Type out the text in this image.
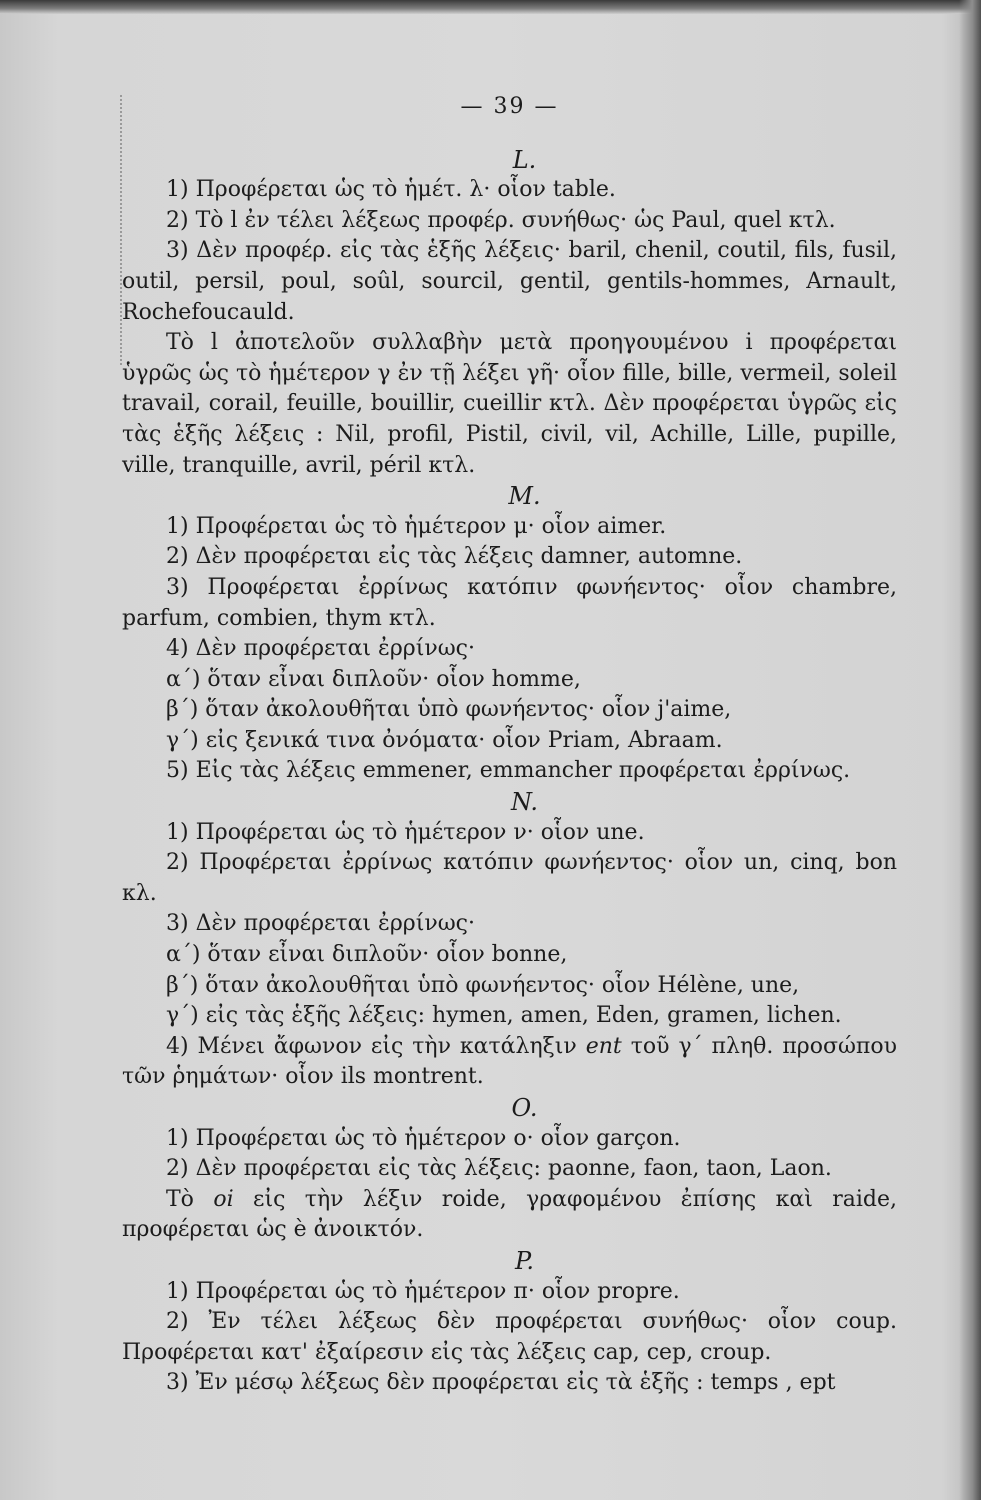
— 39 —

L.

1) Προφέρεται ὡς τὸ ἡμέτ. λ· οἷον table.

2) Τὸ l ἐν τέλει λέξεως προφέρ. συνήθως· ὡς Paul, quel κτλ.

3) Δὲν προφέρ. εἰς τὰς ἑξῆς λέξεις· baril, chenil, coutil, fils, fusil, outil, persil, poul, soûl, sourcil, gentil, gentils-hommes, Arnault, Rochefoucauld.

Τὸ l ἀποτελοῦν συλλαβὴν μετὰ προηγουμένου i προφέρεται ὑγρῶς ὡς τὸ ἡμέτερον γ ἐν τῇ λέξει γῆ· οἷον fille, bille, vermeil, soleil travail, corail, feuille, bouillir, cueillir κτλ. Δὲν προφέρεται ὑγρῶς εἰς τὰς ἑξῆς λέξεις : Nil, profil, Pistil, civil, vil, Achille, Lille, pupille, ville, tranquille, avril, péril κτλ.

M.

1) Προφέρεται ὡς τὸ ἡμέτερον μ· οἷον aimer.

2) Δὲν προφέρεται εἰς τὰς λέξεις damner, automne.

3) Προφέρεται ἐρρίνως κατόπιν φωνήεντος· οἷον chambre, parfum, combien, thym κτλ.

4) Δὲν προφέρεται ἐρρίνως·

α΄) ὅταν εἶναι διπλοῦν· οἷον homme,

β΄) ὅταν ἀκολουθῆται ὑπὸ φωνήεντος· οἷον j'aime,

γ΄) εἰς ξενικά τινα ὀνόματα· οἷον Priam, Abraam.

5) Εἰς τὰς λέξεις emmener, emmancher προφέρεται ἐρρίνως.

N.

1) Προφέρεται ὡς τὸ ἡμέτερον ν· οἷον une.

2) Προφέρεται ἐρρίνως κατόπιν φωνήεντος· οἷον un, cinq, bon κλ.

3) Δὲν προφέρεται ἐρρίνως·

α΄) ὅταν εἶναι διπλοῦν· οἷον bonne,

β΄) ὅταν ἀκολουθῆται ὑπὸ φωνήεντος· οἷον Hélène, une,

γ΄) εἰς τὰς ἑξῆς λέξεις: hymen, amen, Eden, gramen, lichen.

4) Μένει ἄφωνον εἰς τὴν κατάληξιν ent τοῦ γ΄ πληθ. προσώπου τῶν ῥημάτων· οἷον ils montrent.

O.

1) Προφέρεται ὡς τὸ ἡμέτερον ο· οἷον garçon.

2) Δὲν προφέρεται εἰς τὰς λέξεις: paonne, faon, taon, Laon.

Τὸ oi εἰς τὴν λέξιν roide, γραφομένου ἐπίσης καὶ raide, προφέρεται ὡς è ἀνοικτόν.

P.

1) Προφέρεται ὡς τὸ ἡμέτερον π· οἷον propre.

2) Ἐν τέλει λέξεως δὲν προφέρεται συνήθως· οἷον coup. Προφέρεται κατ' ἐξαίρεσιν εἰς τὰς λέξεις cap, cep, croup.

3) Ἐν μέσῳ λέξεως δὲν προφέρεται εἰς τὰ ἑξῆς : temps , ept
